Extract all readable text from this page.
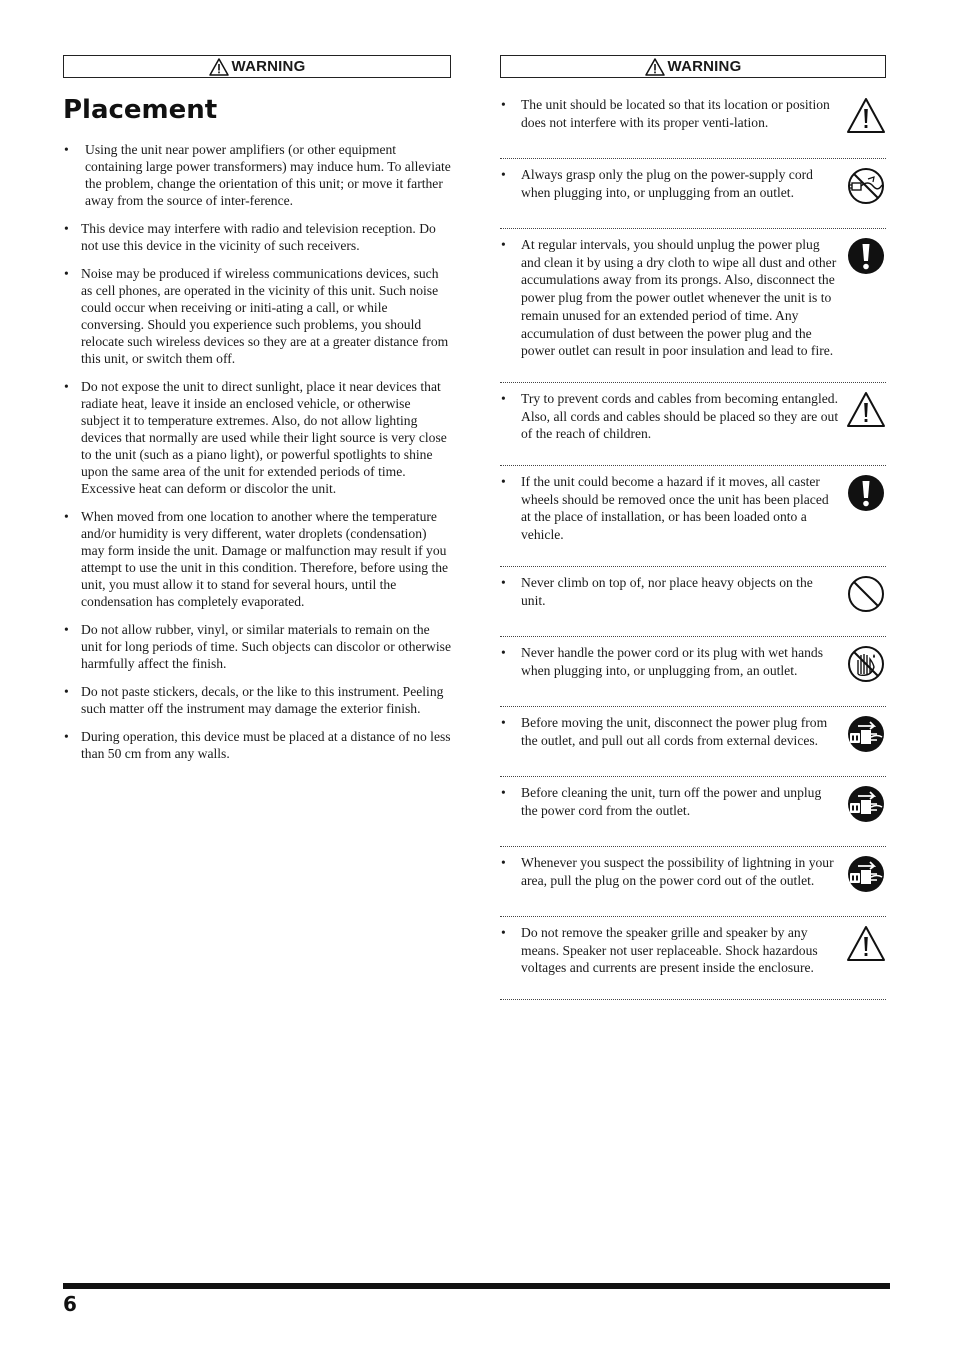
WARNING
Placement
• Using the unit near power amplifiers (or other equipment containing large power transformers) may induce hum. To alleviate the problem, change the orientation of this unit; or move it farther away from the source of inter-ference.
• This device may interfere with radio and television reception. Do not use this device in the vicinity of such receivers.
• Noise may be produced if wireless communications devices, such as cell phones, are operated in the vicinity of this unit. Such noise could occur when receiving or initi-ating a call, or while conversing. Should you experience such problems, you should relocate such wireless devices so they are at a greater distance from this unit, or switch them off.
• Do not expose the unit to direct sunlight, place it near devices that radiate heat, leave it inside an enclosed vehicle, or otherwise subject it to temperature extremes. Also, do not allow lighting devices that normally are used while their light source is very close to the unit (such as a piano light), or powerful spotlights to shine upon the same area of the unit for extended periods of time. Excessive heat can deform or discolor the unit.
• When moved from one location to another where the temperature and/or humidity is very different, water droplets (condensation) may form inside the unit. Damage or malfunction may result if you attempt to use the unit in this condition. Therefore, before using the unit, you must allow it to stand for several hours, until the condensation has completely evaporated.
• Do not allow rubber, vinyl, or similar materials to remain on the unit for long periods of time. Such objects can discolor or otherwise harmfully affect the finish.
• Do not paste stickers, decals, or the like to this instrument. Peeling such matter off the instrument may damage the exterior finish.
• During operation, this device must be placed at a distance of no less than 50 cm from any walls.
WARNING
• The unit should be located so that its location or position does not interfere with its proper venti-lation.
• Always grasp only the plug on the power-supply cord when plugging into, or unplugging from an outlet.
• At regular intervals, you should unplug the power plug and clean it by using a dry cloth to wipe all dust and other accumulations away from its prongs. Also, disconnect the power plug from the power outlet whenever the unit is to remain unused for an extended period of time. Any accumulation of dust between the power plug and the power outlet can result in poor insulation and lead to fire.
• Try to prevent cords and cables from becoming entangled. Also, all cords and cables should be placed so they are out of the reach of children.
• If the unit could become a hazard if it moves, all caster wheels should be removed once the unit has been placed at the place of installation, or has been loaded onto a vehicle.
• Never climb on top of, nor place heavy objects on the unit.
• Never handle the power cord or its plug with wet hands when plugging into, or unplugging from, an outlet.
• Before moving the unit, disconnect the power plug from the outlet, and pull out all cords from external devices.
• Before cleaning the unit, turn off the power and unplug the power cord from the outlet.
• Whenever you suspect the possibility of lightning in your area, pull the plug on the power cord out of the outlet.
• Do not remove the speaker grille and speaker by any means. Speaker not user replaceable. Shock hazardous voltages and currents are present inside the enclosure.
6
